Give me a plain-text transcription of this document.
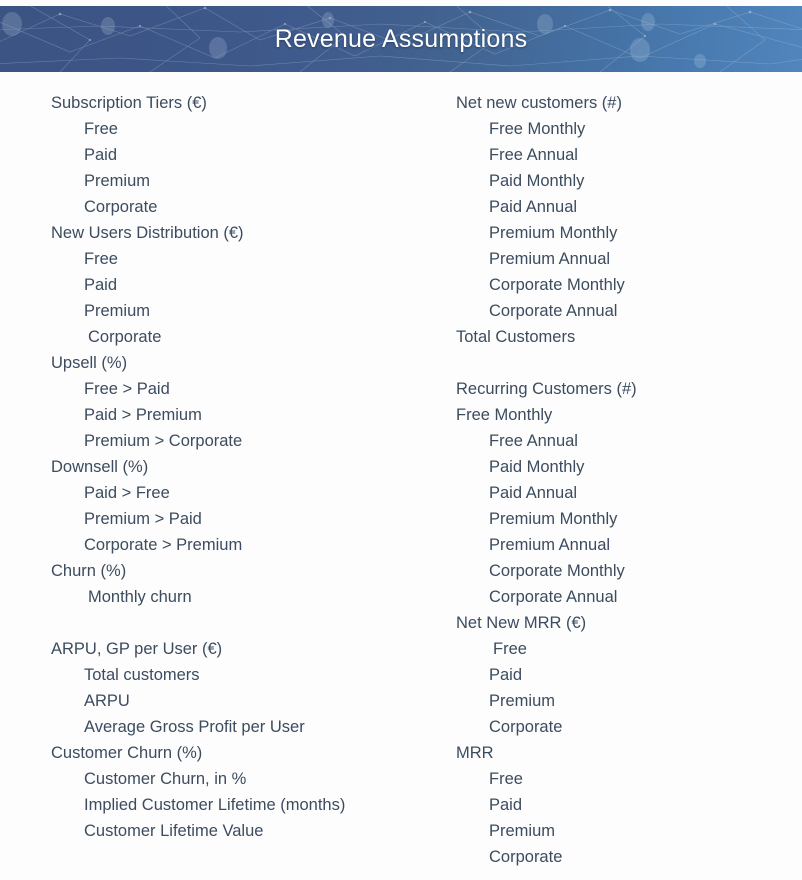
Revenue Assumptions
Subscription Tiers (€)
Free
Paid
Premium
Corporate
New Users Distribution (€)
Free
Paid
Premium
Corporate
Upsell (%)
Free > Paid
Paid > Premium
Premium > Corporate
Downsell (%)
Paid > Free
Premium > Paid
Corporate > Premium
Churn (%)
Monthly churn
ARPU, GP per User (€)
Total customers
ARPU
Average Gross Profit per User
Customer Churn (%)
Customer Churn, in %
Implied Customer Lifetime (months)
Customer Lifetime Value
Net new customers (#)
Free Monthly
Free Annual
Paid Monthly
Paid Annual
Premium Monthly
Premium Annual
Corporate Monthly
Corporate Annual
Total Customers
Recurring Customers (#)
Free Monthly
Free Annual
Paid Monthly
Paid Annual
Premium Monthly
Premium Annual
Corporate Monthly
Corporate Annual
Net New MRR (€)
Free
Paid
Premium
Corporate
MRR
Free
Paid
Premium
Corporate
